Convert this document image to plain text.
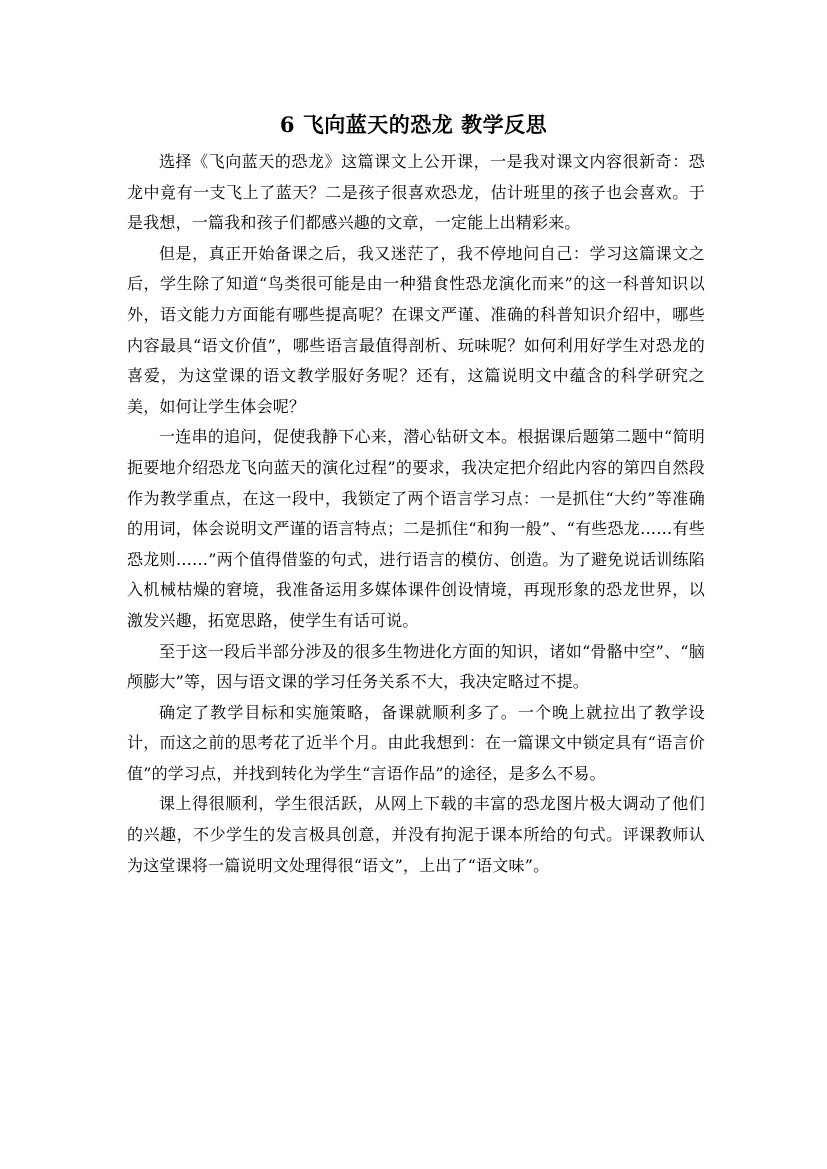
6 飞向蓝天的恐龙 教学反思

选择《飞向蓝天的恐龙》这篇课文上公开课，一是我对课文内容很新奇：恐龙中竟有一支飞上了蓝天？二是孩子很喜欢恐龙，估计班里的孩子也会喜欢。于是我想，一篇我和孩子们都感兴趣的文章，一定能上出精彩来。

但是，真正开始备课之后，我又迷茫了，我不停地问自己：学习这篇课文之后，学生除了知道“鸟类很可能是由一种猎食性恐龙演化而来”的这一科普知识以外，语文能力方面能有哪些提高呢？在课文严谨、准确的科普知识介绍中，哪些内容最具“语文价值”，哪些语言最值得剖析、玩味呢？如何利用好学生对恐龙的喜爱，为这堂课的语文教学服好务呢？还有，这篇说明文中蕴含的科学研究之美，如何让学生体会呢？

一连串的追问，促使我静下心来，潜心钻研文本。根据课后题第二题中“简明扼要地介绍恐龙飞向蓝天的演化过程”的要求，我决定把介绍此内容的第四自然段作为教学重点，在这一段中，我锁定了两个语言学习点：一是抓住“大约”等准确的用词，体会说明文严谨的语言特点；二是抓住“和狗一般”、“有些恐龙……有些恐龙则……”两个值得借鉴的句式，进行语言的模仿、创造。为了避免说话训练陷入机械枯燥的窘境，我准备运用多媒体课件创设情境，再现形象的恐龙世界，以激发兴趣，拓宽思路，使学生有话可说。

至于这一段后半部分涉及的很多生物进化方面的知识，诸如“骨骼中空”、“脑颅膨大”等，因与语文课的学习任务关系不大，我决定略过不提。

确定了教学目标和实施策略，备课就顺利多了。一个晚上就拉出了教学设计，而这之前的思考花了近半个月。由此我想到：在一篇课文中锁定具有“语言价值”的学习点，并找到转化为学生“言语作品”的途径，是多么不易。

课上得很顺利，学生很活跃，从网上下载的丰富的恐龙图片极大调动了他们的兴趣，不少学生的发言极具创意，并没有拘泥于课本所给的句式。评课教师认为这堂课将一篇说明文处理得很“语文”，上出了“语文味”。
